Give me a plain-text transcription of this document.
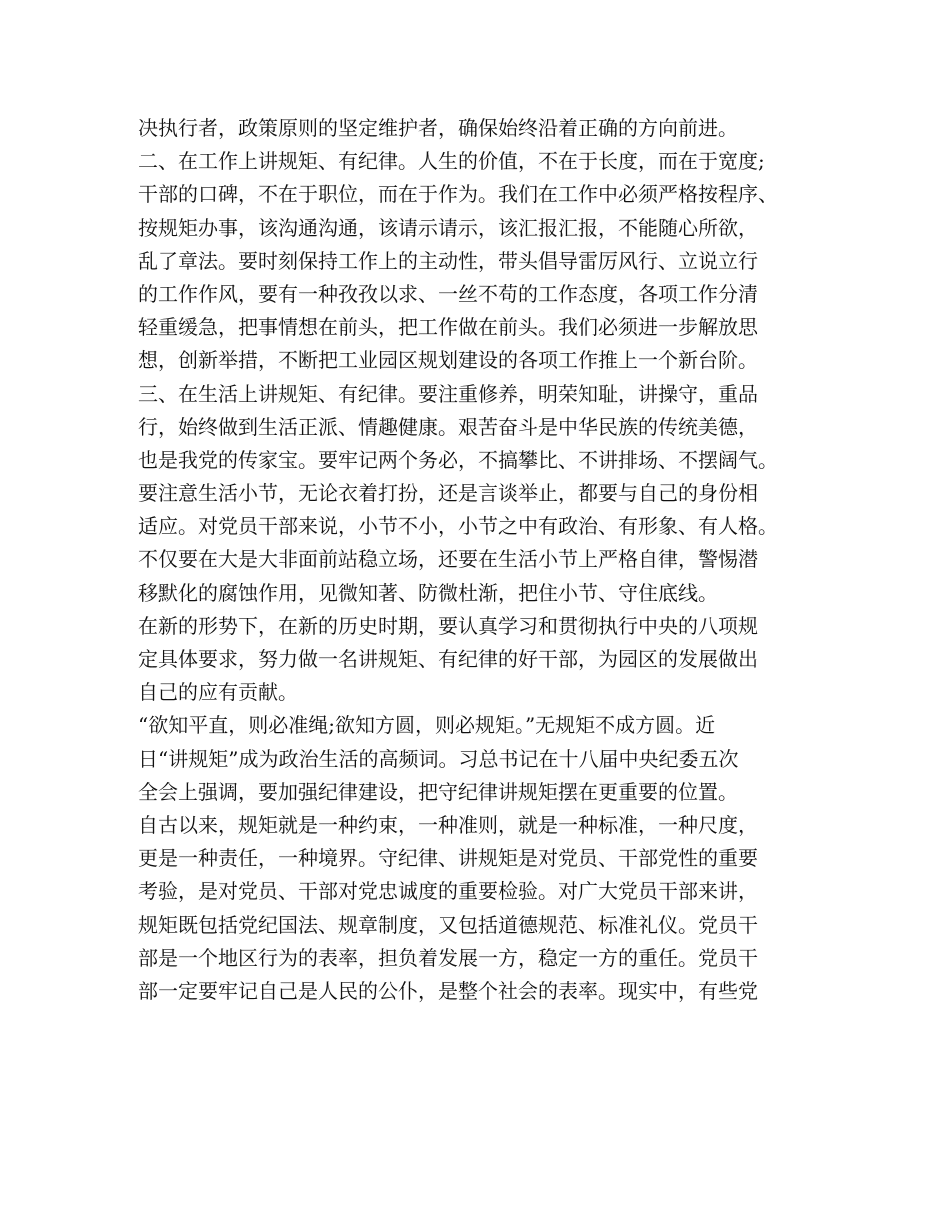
决执行者，政策原则的坚定维护者，确保始终沿着正确的方向前进。
二、在工作上讲规矩、有纪律。人生的价值，不在于长度，而在于宽度;
干部的口碑，不在于职位，而在于作为。我们在工作中必须严格按程序、
按规矩办事，该沟通沟通，该请示请示，该汇报汇报，不能随心所欲，
乱了章法。要时刻保持工作上的主动性，带头倡导雷厉风行、立说立行
的工作作风，要有一种孜孜以求、一丝不苟的工作态度，各项工作分清
轻重缓急，把事情想在前头，把工作做在前头。我们必须进一步解放思
想，创新举措，不断把工业园区规划建设的各项工作推上一个新台阶。
三、在生活上讲规矩、有纪律。要注重修养，明荣知耻，讲操守，重品
行，始终做到生活正派、情趣健康。艰苦奋斗是中华民族的传统美德，
也是我党的传家宝。要牢记两个务必，不搞攀比、不讲排场、不摆阔气。
要注意生活小节，无论衣着打扮，还是言谈举止，都要与自己的身份相
适应。对党员干部来说，小节不小，小节之中有政治、有形象、有人格。
不仅要在大是大非面前站稳立场，还要在生活小节上严格自律，警惕潜
移默化的腐蚀作用，见微知著、防微杜渐，把住小节、守住底线。
在新的形势下，在新的历史时期，要认真学习和贯彻执行中央的八项规
定具体要求，努力做一名讲规矩、有纪律的好干部，为园区的发展做出
自己的应有贡献。
“欲知平直，则必准绳;欲知方圆，则必规矩。”无规矩不成方圆。近
日“讲规矩”成为政治生活的高频词。习总书记在十八届中央纪委五次
全会上强调，要加强纪律建设，把守纪律讲规矩摆在更重要的位置。
自古以来，规矩就是一种约束，一种准则，就是一种标准，一种尺度，
更是一种责任，一种境界。守纪律、讲规矩是对党员、干部党性的重要
考验，是对党员、干部对党忠诚度的重要检验。对广大党员干部来讲，
规矩既包括党纪国法、规章制度，又包括道德规范、标准礼仪。党员干
部是一个地区行为的表率，担负着发展一方，稳定一方的重任。党员干
部一定要牢记自己是人民的公仆，是整个社会的表率。现实中，有些党
